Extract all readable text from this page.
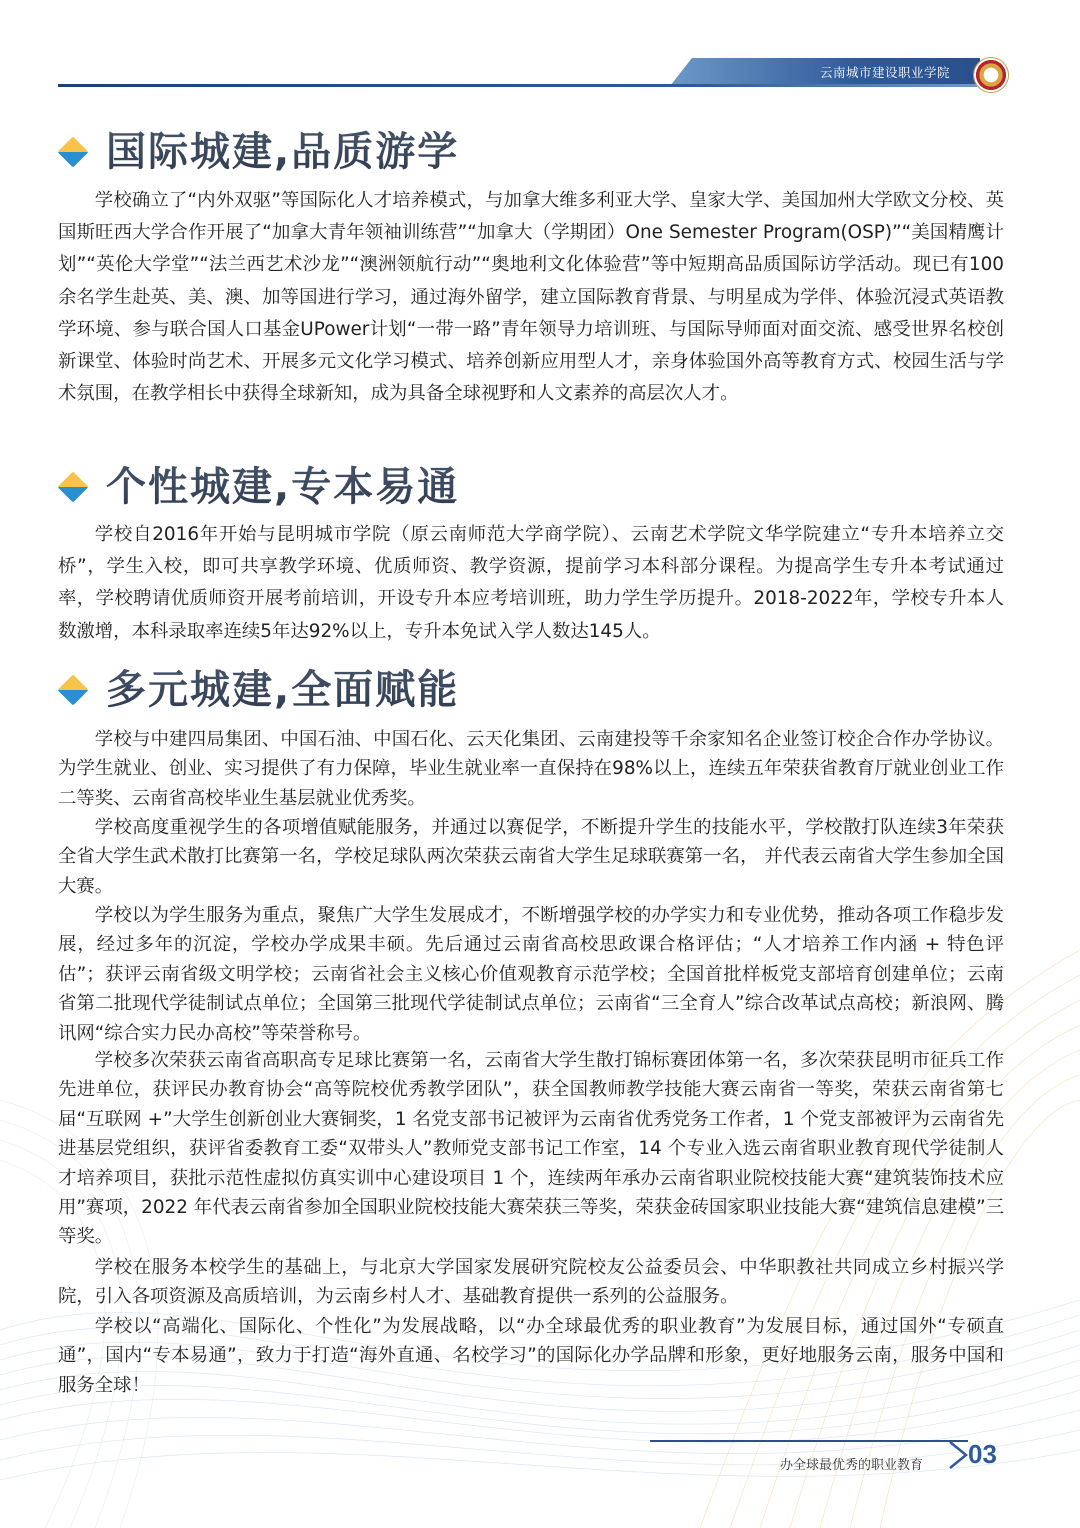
云南城市建设职业学院
国际城建,品质游学

学校确立了“内外双驱”等国际化人才培养模式，与加拿大维多利亚大学、皇家大学、美国加州大学欧文分校、英国斯旺西大学合作开展了“加拿大青年领袖训练营”“加拿大（学期团）One Semester Program(OSP)”“美国精鹰计划”“英伦大学堂”“法兰西艺术沙龙”“澳洲领航行动”“奥地利文化体验营”等中短期高品质国际访学活动。现已有100余名学生赴英、美、澳、加等国进行学习，通过海外留学，建立国际教育背景、与明星成为学伴、体验沉浸式英语教学环境、参与联合国人口基金UPower计划“一带一路”青年领导力培训班、与国际导师面对面交流、感受世界名校创新课堂、体验时尚艺术、开展多元文化学习模式、培养创新应用型人才，亲身体验国外高等教育方式、校园生活与学术氛围，在教学相长中获得全球新知，成为具备全球视野和人文素养的高层次人才。

个性城建,专本易通

学校自2016年开始与昆明城市学院（原云南师范大学商学院）、云南艺术学院文华学院建立“专升本培养立交桥”，学生入校，即可共享教学环境、优质师资、教学资源，提前学习本科部分课程。为提高学生专升本考试通过率，学校聘请优质师资开展考前培训，开设专升本应考培训班，助力学生学历提升。2018-2022年，学校专升本人数激增，本科录取率连续5年达92%以上，专升本免试入学人数达145人。

多元城建,全面赋能

学校与中建四局集团、中国石油、中国石化、云天化集团、云南建投等千余家知名企业签订校企合作办学协议。为学生就业、创业、实习提供了有力保障，毕业生就业率一直保持在98%以上，连续五年荣获省教育厅就业创业工作二等奖、云南省高校毕业生基层就业优秀奖。

学校高度重视学生的各项增值赋能服务，并通过以赛促学，不断提升学生的技能水平，学校散打队连续3年荣获全省大学生武术散打比赛第一名，学校足球队两次荣获云南省大学生足球联赛第一名， 并代表云南省大学生参加全国大赛。

学校以为学生服务为重点，聚焦广大学生发展成才，不断增强学校的办学实力和专业优势，推动各项工作稳步发展，经过多年的沉淀，学校办学成果丰硕。先后通过云南省高校思政课合格评估；“人才培养工作内涵 + 特色评估”；获评云南省级文明学校；云南省社会主义核心价值观教育示范学校；全国首批样板党支部培育创建单位；云南省第二批现代学徒制试点单位；全国第三批现代学徒制试点单位；云南省“三全育人”综合改革试点高校；新浪网、腾讯网“综合实力民办高校”等荣誉称号。

学校多次荣获云南省高职高专足球比赛第一名，云南省大学生散打锦标赛团体第一名，多次荣获昆明市征兵工作先进单位，获评民办教育协会“高等院校优秀教学团队”，获全国教师教学技能大赛云南省一等奖，荣获云南省第七届“互联网 +”大学生创新创业大赛铜奖，1 名党支部书记被评为云南省优秀党务工作者，1 个党支部被评为云南省先进基层党组织，获评省委教育工委“双带头人”教师党支部书记工作室，14 个专业入选云南省职业教育现代学徒制人才培养项目，获批示范性虚拟仿真实训中心建设项目 1 个，连续两年承办云南省职业院校技能大赛“建筑装饰技术应用”赛项，2022 年代表云南省参加全国职业院校技能大赛荣获三等奖，荣获金砖国家职业技能大赛“建筑信息建模”三等奖。

学校在服务本校学生的基础上，与北京大学国家发展研究院校友公益委员会、中华职教社共同成立乡村振兴学院，引入各项资源及高质培训，为云南乡村人才、基础教育提供一系列的公益服务。

学校以“高端化、国际化、个性化”为发展战略，以“办全球最优秀的职业教育”为发展目标，通过国外“专硕直通”，国内“专本易通”，致力于打造“海外直通、名校学习”的国际化办学品牌和形象，更好地服务云南，服务中国和服务全球！

办全球最优秀的职业教育	03
